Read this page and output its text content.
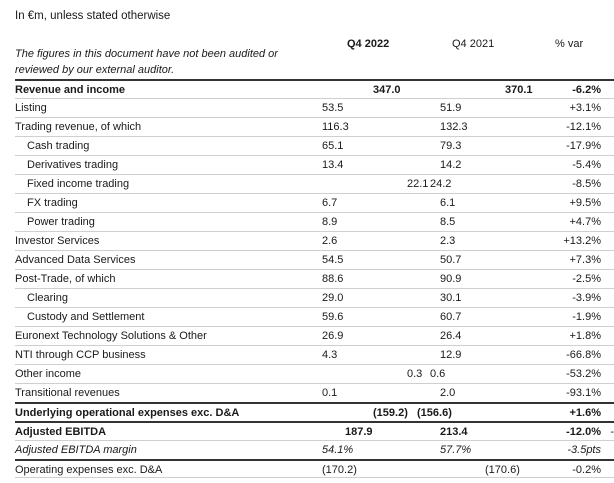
In €m, unless stated otherwise
The figures in this document have not been audited or reviewed by our external auditor.
Q4 2022	Q4 2021	% var
Revenue and income	347.0	370.1	-6.2%
Listing	53.5	51.9	+3.1%
Trading revenue, of which	116.3	132.3	-12.1%
Cash trading	65.1	79.3	-17.9%
Derivatives trading	13.4	14.2	-5.4%
Fixed income trading	22.1 24.2	-8.5%
FX trading	6.7	6.1	+9.5%
Power trading	8.9	8.5	+4.7%
Investor Services	2.6	2.3	+13.2%
Advanced Data Services	54.5	50.7	+7.3%
Post-Trade, of which	88.6	90.9	-2.5%
Clearing	29.0	30.1	-3.9%
Custody and Settlement	59.6	60.7	-1.9%
Euronext Technology Solutions & Other	26.9	26.4	+1.8%
NTI through CCP business	4.3	12.9	-66.8%
Other income	0.3 0.6	-53.2%
Transitional revenues	0.1	2.0	-93.1%
Underlying operational expenses exc. D&A	(159.2) (156.6)	+1.6%
Adjusted EBITDA	187.9	213.4	-12.0% -
Adjusted EBITDA margin	54.1%	57.7%	-3.5pts
Operating expenses exc. D&A	(170.2)	(170.6)	-0.2%
